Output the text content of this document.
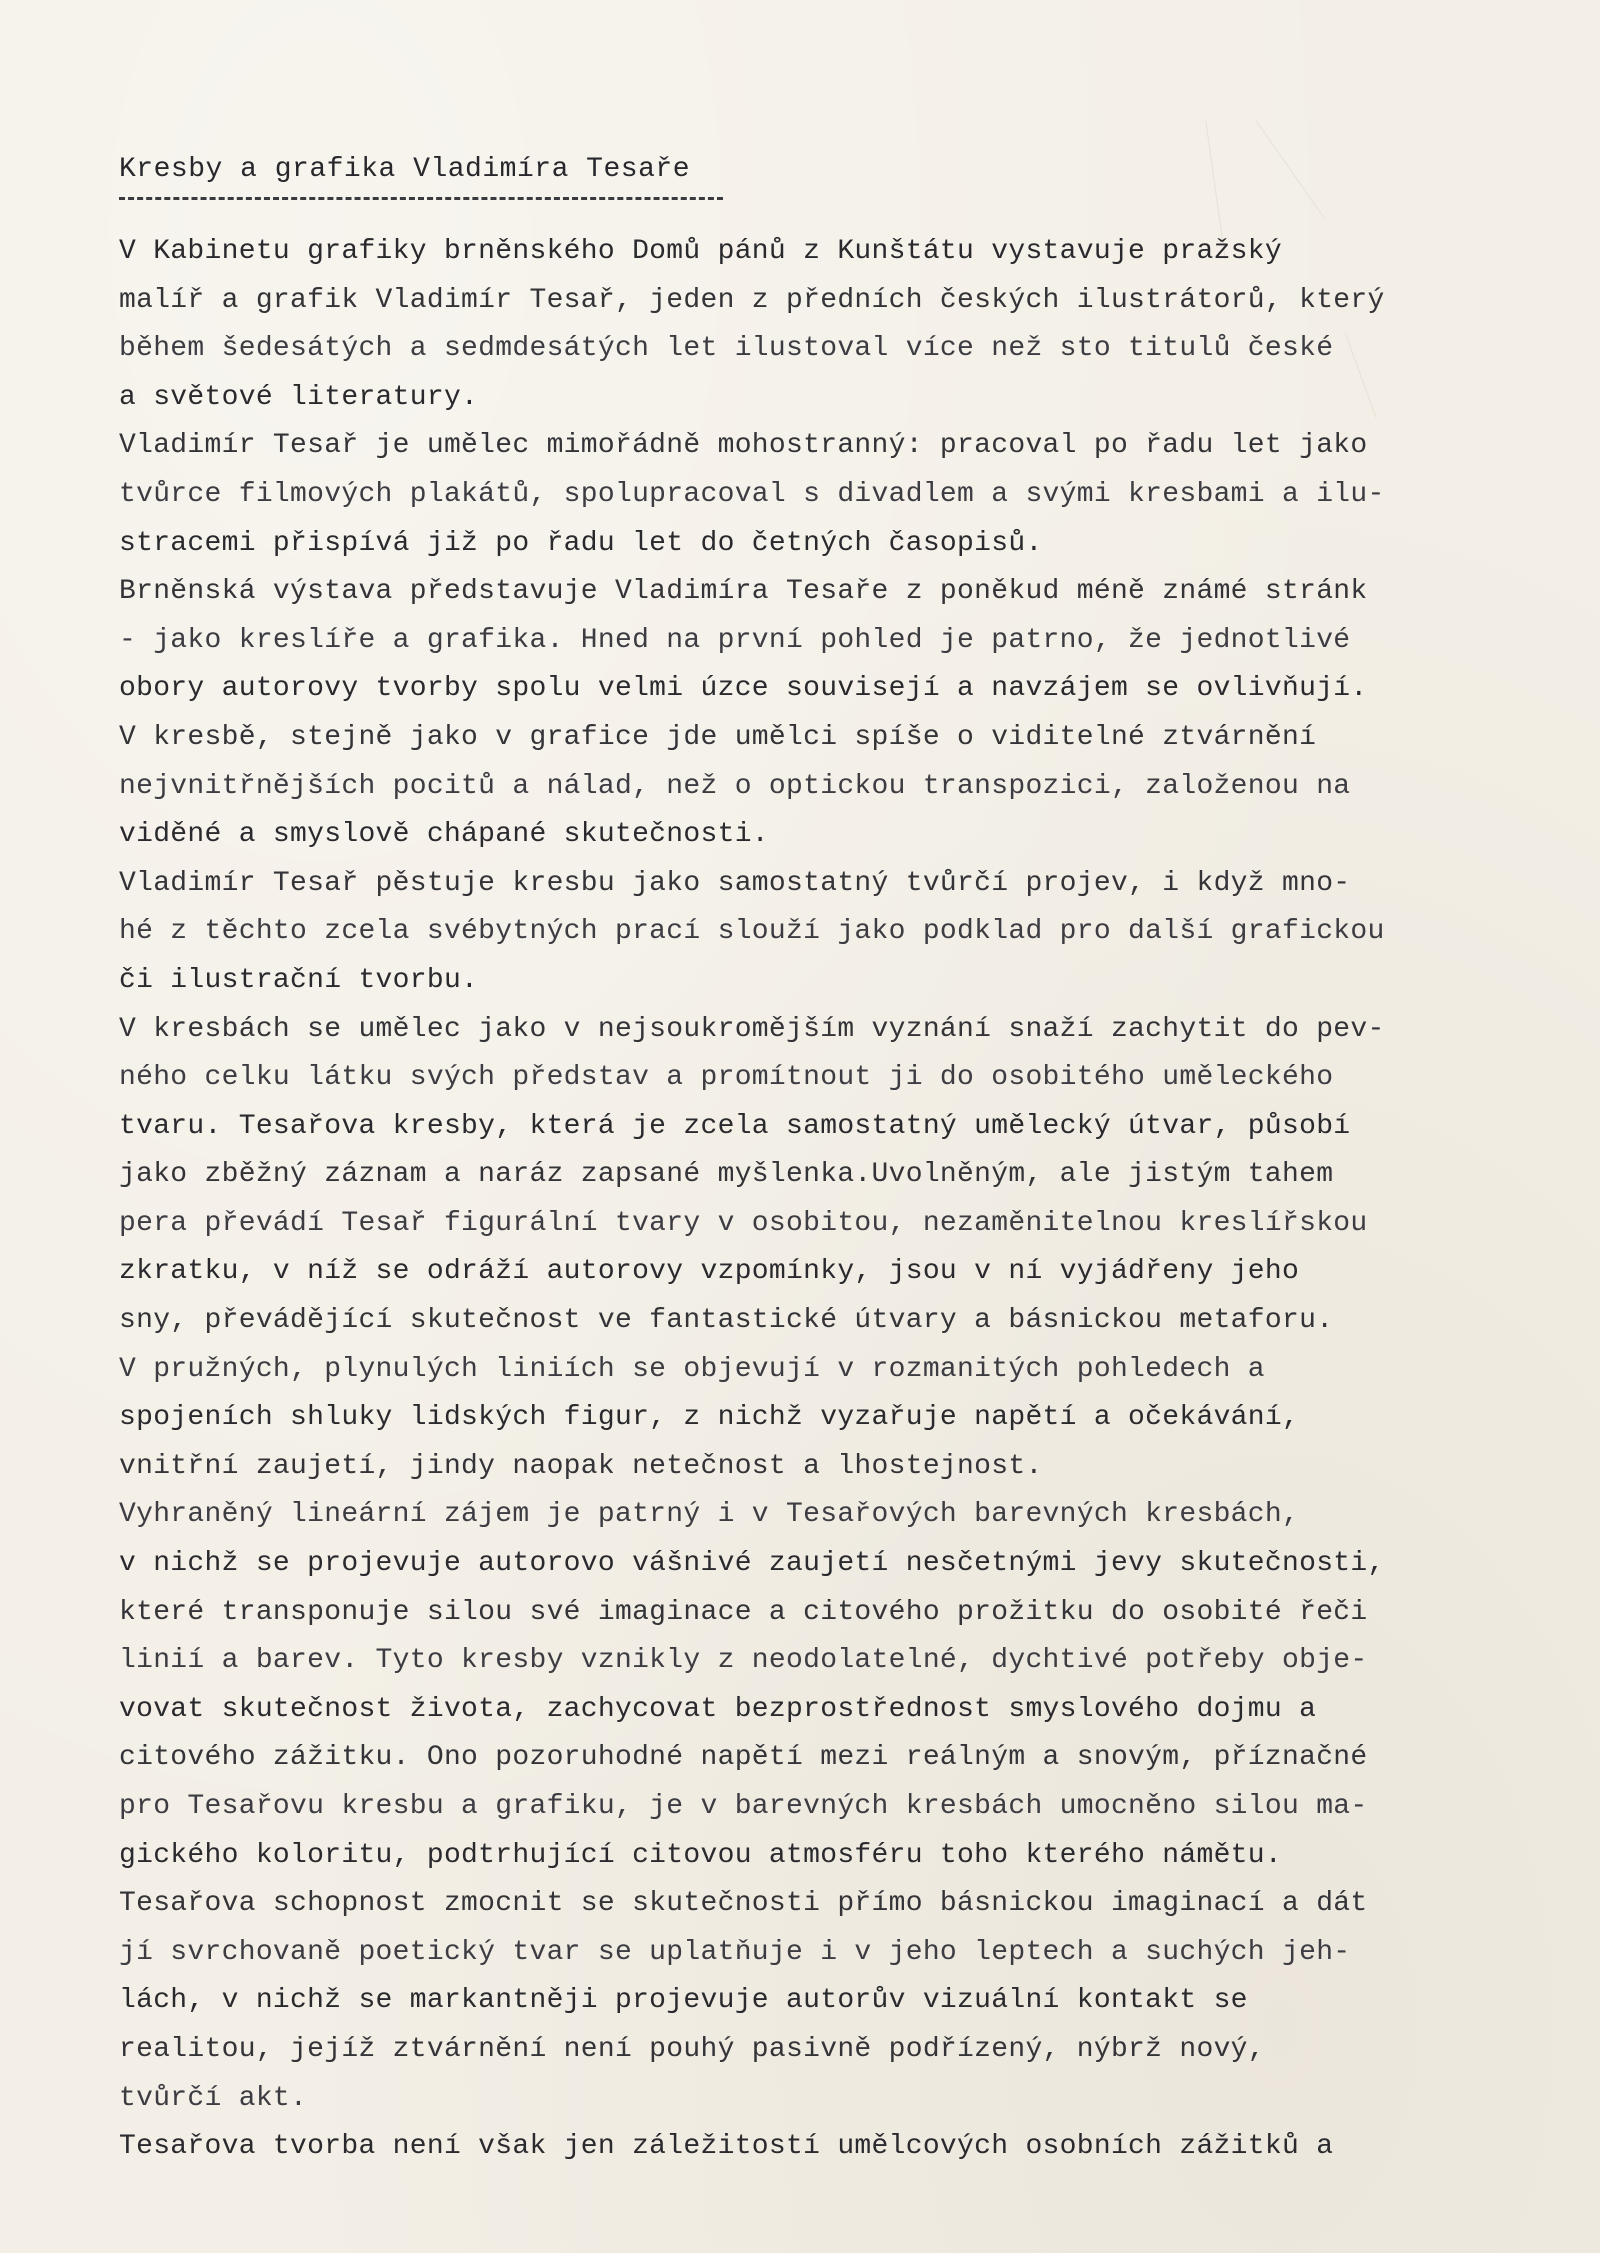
Kresby a grafika Vladimíra Tesaře
V Kabinetu grafiky brněnského Domů pánů z Kunštátu vystavuje pražský
malíř a grafik Vladimír Tesař, jeden z předních českých ilustrátorů, který
během šedesátých a sedmdesátých let ilustoval více než sto titulů české
a světové literatury.
Vladimír Tesař je umělec mimořádně mohostranný: pracoval po řadu let jako
tvůrce filmových plakátů, spolupracoval s divadlem a svými kresbami a ilu-
stracemi přispívá již po řadu let do četných časopisů.
Brněnská výstava představuje Vladimíra Tesaře z poněkud méně známé stránk
- jako kreslíře a grafika. Hned na první pohled je patrno, že jednotlivé
obory autorovy tvorby spolu velmi úzce souvisejí a navzájem se ovlivňují.
V kresbě, stejně jako v grafice jde umělci spíše o viditelné ztvárnění
nejvnitřnějších pocitů a nálad, než o optickou transpozici, založenou na
viděné a smyslově chápané skutečnosti.
Vladimír Tesař pěstuje kresbu jako samostatný tvůrčí projev, i když mno-
hé z těchto zcela svébytných prací slouží jako podklad pro další grafickou
či ilustrační tvorbu.
V kresbách se umělec jako v nejsoukromějším vyznání snaží zachytit do pev-
ného celku látku svých představ a promítnout ji do osobitého uměleckého
tvaru. Tesařova kresby, která je zcela samostatný umělecký útvar, působí
jako zběžný záznam a naráz zapsané myšlenka.Uvolněným, ale jistým tahem
pera převádí Tesař figurální tvary v osobitou, nezaměnitelnou kreslířskou
zkratku, v níž se odráží autorovy vzpomínky, jsou v ní vyjádřeny jeho
sny, převádějící skutečnost ve fantastické útvary a básnickou metaforu.
V pružných, plynulých liniích se objevují v rozmanitých pohledech a
spojeních shluky lidských figur, z nichž vyzařuje napětí a očekávání,
vnitřní zaujetí, jindy naopak netečnost a lhostejnost.
Vyhraněný lineární zájem je patrný i v Tesařových barevných kresbách,
v nichž se projevuje autorovo vášnivé zaujetí nesčetnými jevy skutečnosti,
které transponuje silou své imaginace a citového prožitku do osobité řeči
linií a barev. Tyto kresby vznikly z neodolatelné, dychtivé potřeby obje-
vovat skutečnost života, zachycovat bezprostřednost smyslového dojmu a
citového zážitku. Ono pozoruhodné napětí mezi reálným a snovým, příznačné
pro Tesařovu kresbu a grafiku, je v barevných kresbách umocněno silou ma-
gického koloritu, podtrhující citovou atmosféru toho kterého námětu.
Tesařova schopnost zmocnit se skutečnosti přímo básnickou imaginací a dát
jí svrchovaně poetický tvar se uplatňuje i v jeho leptech a suchých jeh-
lách, v nichž se markantněji projevuje autorův vizuální kontakt se
realitou, jejíž ztvárnění není pouhý pasivně podřízený, nýbrž nový,
tvůrčí akt.
Tesařova tvorba není však jen záležitostí umělcových osobních zážitků a
